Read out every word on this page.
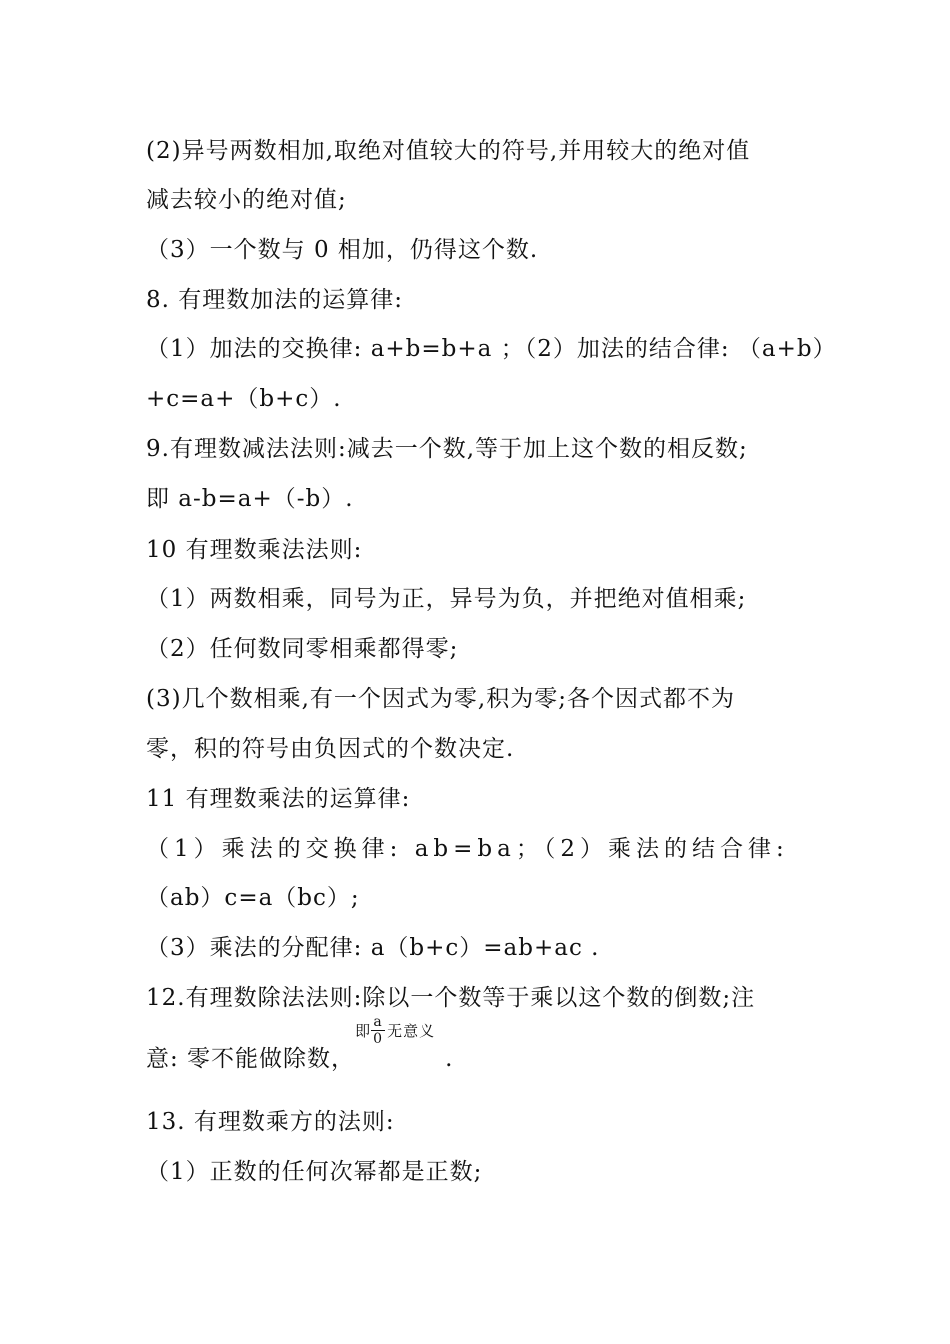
(2)异号两数相加,取绝对值较大的符号,并用较大的绝对值
减去较小的绝对值;
（3）一个数与 0 相加，仍得这个数.
8. 有理数加法的运算律:
（1）加法的交换律: a+b=b+a ；（2）加法的结合律: （a+b）
+c=a+（b+c）.
9.有理数减法法则:减去一个数,等于加上这个数的相反数;
即 a-b=a+（-b）.
10 有理数乘法法则:
（1）两数相乘，同号为正，异号为负，并把绝对值相乘;
（2）任何数同零相乘都得零;
(3)几个数相乘,有一个因式为零,积为零;各个因式都不为
零，积的符号由负因式的个数决定.
11 有理数乘法的运算律:
（1）乘法的交换律: ab=ba；（2）乘法的结合律:
（ab）c=a（bc）;
（3）乘法的分配律: a（b+c）=ab+ac .
12.有理数除法法则:除以一个数等于乘以这个数的倒数;注
意: 零不能做除数，
即 $\frac{a}{0}$ 无意义
.
13. 有理数乘方的法则:
（1）正数的任何次幂都是正数;
